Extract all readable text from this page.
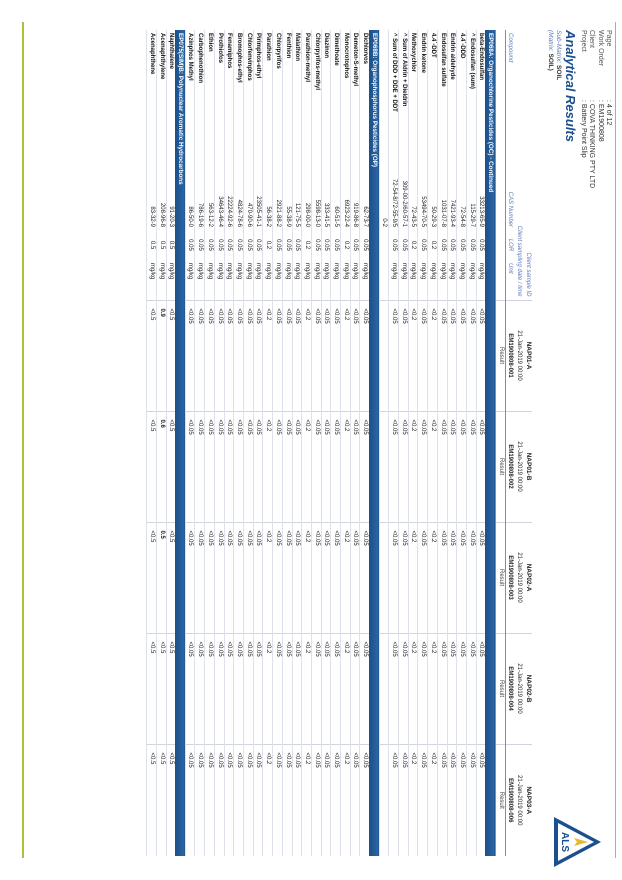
Page: 4 of 12
Work Order: EM1900808
Client: COVA THINKING PTY LTD
Project: Battery Point Slip
Analytical Results
Sub-Matrix: SOIL
(Matrix: SOIL)
ALS
Client sample ID				NAP01-A	NAP01-B	NAP02-A	NAP02-B	NAP03-A
Client sampling date / time				21-Jan-2019 00:00	21-Jan-2019 00:00	21-Jan-2019 00:00	21-Jan-2019 00:00	21-Jan-2019 00:00
Compound	CAS Number	LOR	Unit	EM1900808-001	EM1900808-002	EM1900808-003	EM1900808-004	EM1900808-006
				Result	Result	Result	Result	Result
EP068A: Organochlorine Pesticides (OC) - Continued								
beta-Endosulfan	33213-65-9	0.05	mg/kg	<0.05	<0.05	<0.05	<0.05	<0.05
^ Endosulfan (sum)	115-29-7	0.05	mg/kg	<0.05	<0.05	<0.05	<0.05	<0.05
4.4`-DDD	72-54-8	0.05	mg/kg	<0.05	<0.05	<0.05	<0.05	<0.05
Endrin aldehyde	7421-93-4	0.05	mg/kg	<0.05	<0.05	<0.05	<0.05	<0.05
Endosulfan sulfate	1031-07-8	0.05	mg/kg	<0.05	<0.05	<0.05	<0.05	<0.05
4.4`-DDT	50-29-3	0.2	mg/kg	<0.2	<0.2	<0.2	<0.2	<0.2
Endrin ketone	53494-70-5	0.05	mg/kg	<0.05	<0.05	<0.05	<0.05	<0.05
Methoxychlor	72-43-5	0.2	mg/kg	<0.2	<0.2	<0.2	<0.2	<0.2
^ Sum of Aldrin + Dieldrin	309-00-2/60-57-1	0.05	mg/kg	<0.05	<0.05	<0.05	<0.05	<0.05
^ Sum of DDD + DDE + DDT	72-54-8/72-55-9/5	0.05	mg/kg	<0.05	<0.05	<0.05	<0.05	<0.05
	0-2							
EP068B: Organophosphorus Pesticides (OP)								
Dichlorvos	62-73-7	0.05	mg/kg	<0.05	<0.05	<0.05	<0.05	<0.05
Demeton-S-methyl	919-86-8	0.05	mg/kg	<0.05	<0.05	<0.05	<0.05	<0.05
Monocrotophos	6923-22-4	0.2	mg/kg	<0.2	<0.2	<0.2	<0.2	<0.2
Dimethoate	60-51-5	0.05	mg/kg	<0.05	<0.05	<0.05	<0.05	<0.05
Diazinon	333-41-5	0.05	mg/kg	<0.05	<0.05	<0.05	<0.05	<0.05
Chlorpyrifos-methyl	5598-13-0	0.05	mg/kg	<0.05	<0.05	<0.05	<0.05	<0.05
Parathion-methyl	298-00-0	0.2	mg/kg	<0.2	<0.2	<0.2	<0.2	<0.2
Malathion	121-75-5	0.05	mg/kg	<0.05	<0.05	<0.05	<0.05	<0.05
Fenthion	55-38-9	0.05	mg/kg	<0.05	<0.05	<0.05	<0.05	<0.05
Chlorpyrifos	2921-88-2	0.05	mg/kg	<0.05	<0.05	<0.05	<0.05	<0.05
Parathion	56-38-2	0.2	mg/kg	<0.2	<0.2	<0.2	<0.2	<0.2
Pirimphos-ethyl	23505-41-1	0.05	mg/kg	<0.05	<0.05	<0.05	<0.05	<0.05
Chlorfenvinphos	470-90-6	0.05	mg/kg	<0.05	<0.05	<0.05	<0.05	<0.05
Bromophos-ethyl	4824-78-6	0.05	mg/kg	<0.05	<0.05	<0.05	<0.05	<0.05
Fenamiphos	22224-92-6	0.05	mg/kg	<0.05	<0.05	<0.05	<0.05	<0.05
Prothiofos	34643-46-4	0.05	mg/kg	<0.05	<0.05	<0.05	<0.05	<0.05
Ethion	563-12-2	0.05	mg/kg	<0.05	<0.05	<0.05	<0.05	<0.05
Carbophenothion	786-19-6	0.05	mg/kg	<0.05	<0.05	<0.05	<0.05	<0.05
Azinphos Methyl	86-50-0	0.05	mg/kg	<0.05	<0.05	<0.05	<0.05	<0.05
EP075(SIM)B: Polynuclear Aromatic Hydrocarbons								
Naphthalene	91-20-3	0.5	mg/kg	<0.5	<0.5	<0.5	<0.5	<0.5
Acenaphthylene	208-96-8	0.5	mg/kg	0.9	0.6	0.5	<0.5	<0.5
Acenaphthene	83-32-9	0.5	mg/kg	<0.5	<0.5	<0.5	<0.5	<0.5
